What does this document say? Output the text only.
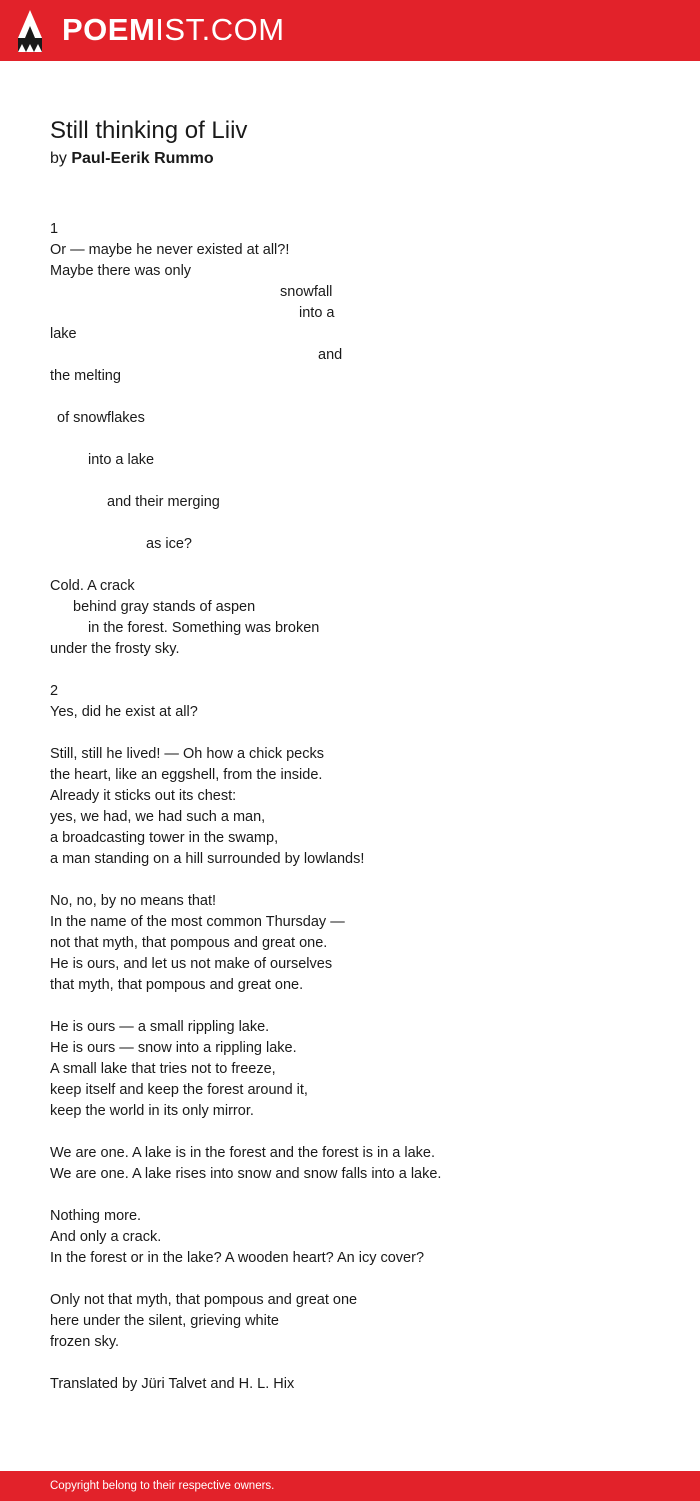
POEMIST.COM
Still thinking of Liiv
by Paul-Eerik Rummo
1
Or — maybe he never existed at all?!
Maybe there was only
snowfall
into a
lake
and
the melting
of snowflakes
into a lake
and their merging
as ice?
Cold. A crack
behind gray stands of aspen
in the forest. Something was broken
under the frosty sky.
2
Yes, did he exist at all?
Still, still he lived! — Oh how a chick pecks
the heart, like an eggshell, from the inside.
Already it sticks out its chest:
yes, we had, we had such a man,
a broadcasting tower in the swamp,
a man standing on a hill surrounded by lowlands!
No, no, by no means that!
In the name of the most common Thursday —
not that myth, that pompous and great one.
He is ours, and let us not make of ourselves
that myth, that pompous and great one.
He is ours — a small rippling lake.
He is ours — snow into a rippling lake.
A small lake that tries not to freeze,
keep itself and keep the forest around it,
keep the world in its only mirror.
We are one. A lake is in the forest and the forest is in a lake.
We are one. A lake rises into snow and snow falls into a lake.
Nothing more.
And only a crack.
In the forest or in the lake? A wooden heart? An icy cover?
Only not that myth, that pompous and great one
here under the silent, grieving white
frozen sky.
Translated by Jüri Talvet and H. L. Hix
Copyright belong to their respective owners.
